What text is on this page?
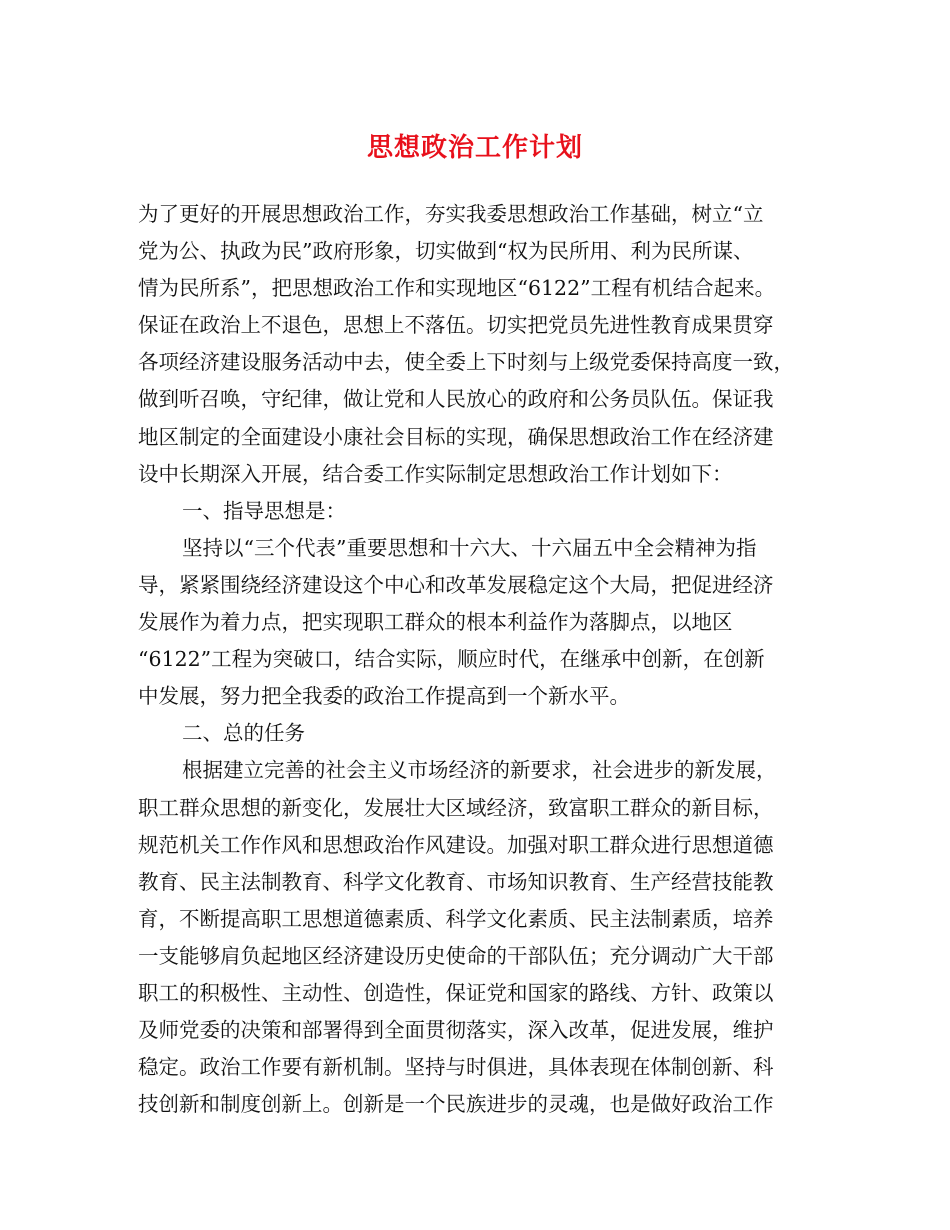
思想政治工作计划
为了更好的开展思想政治工作，夯实我委思想政治工作基础，树立“立
党为公、执政为民”政府形象，切实做到“权为民所用、利为民所谋、
情为民所系”，把思想政治工作和实现地区“6122”工程有机结合起来。
保证在政治上不退色，思想上不落伍。切实把党员先进性教育成果贯穿
各项经济建设服务活动中去，使全委上下时刻与上级党委保持高度一致，
做到听召唤，守纪律，做让党和人民放心的政府和公务员队伍。保证我
地区制定的全面建设小康社会目标的实现，确保思想政治工作在经济建
设中长期深入开展，结合委工作实际制定思想政治工作计划如下：
一、指导思想是：
坚持以“三个代表”重要思想和十六大、十六届五中全会精神为指
导，紧紧围绕经济建设这个中心和改革发展稳定这个大局，把促进经济
发展作为着力点，把实现职工群众的根本利益作为落脚点，以地区
“6122”工程为突破口，结合实际，顺应时代，在继承中创新，在创新
中发展，努力把全我委的政治工作提高到一个新水平。
二、总的任务
根据建立完善的社会主义市场经济的新要求，社会进步的新发展，
职工群众思想的新变化，发展壮大区域经济，致富职工群众的新目标，
规范机关工作作风和思想政治作风建设。加强对职工群众进行思想道德
教育、民主法制教育、科学文化教育、市场知识教育、生产经营技能教
育，不断提高职工思想道德素质、科学文化素质、民主法制素质，培养
一支能够肩负起地区经济建设历史使命的干部队伍；充分调动广大干部
职工的积极性、主动性、创造性，保证党和国家的路线、方针、政策以
及师党委的决策和部署得到全面贯彻落实，深入改革，促进发展，维护
稳定。政治工作要有新机制。坚持与时俱进，具体表现在体制创新、科
技创新和制度创新上。创新是一个民族进步的灵魂，也是做好政治工作
